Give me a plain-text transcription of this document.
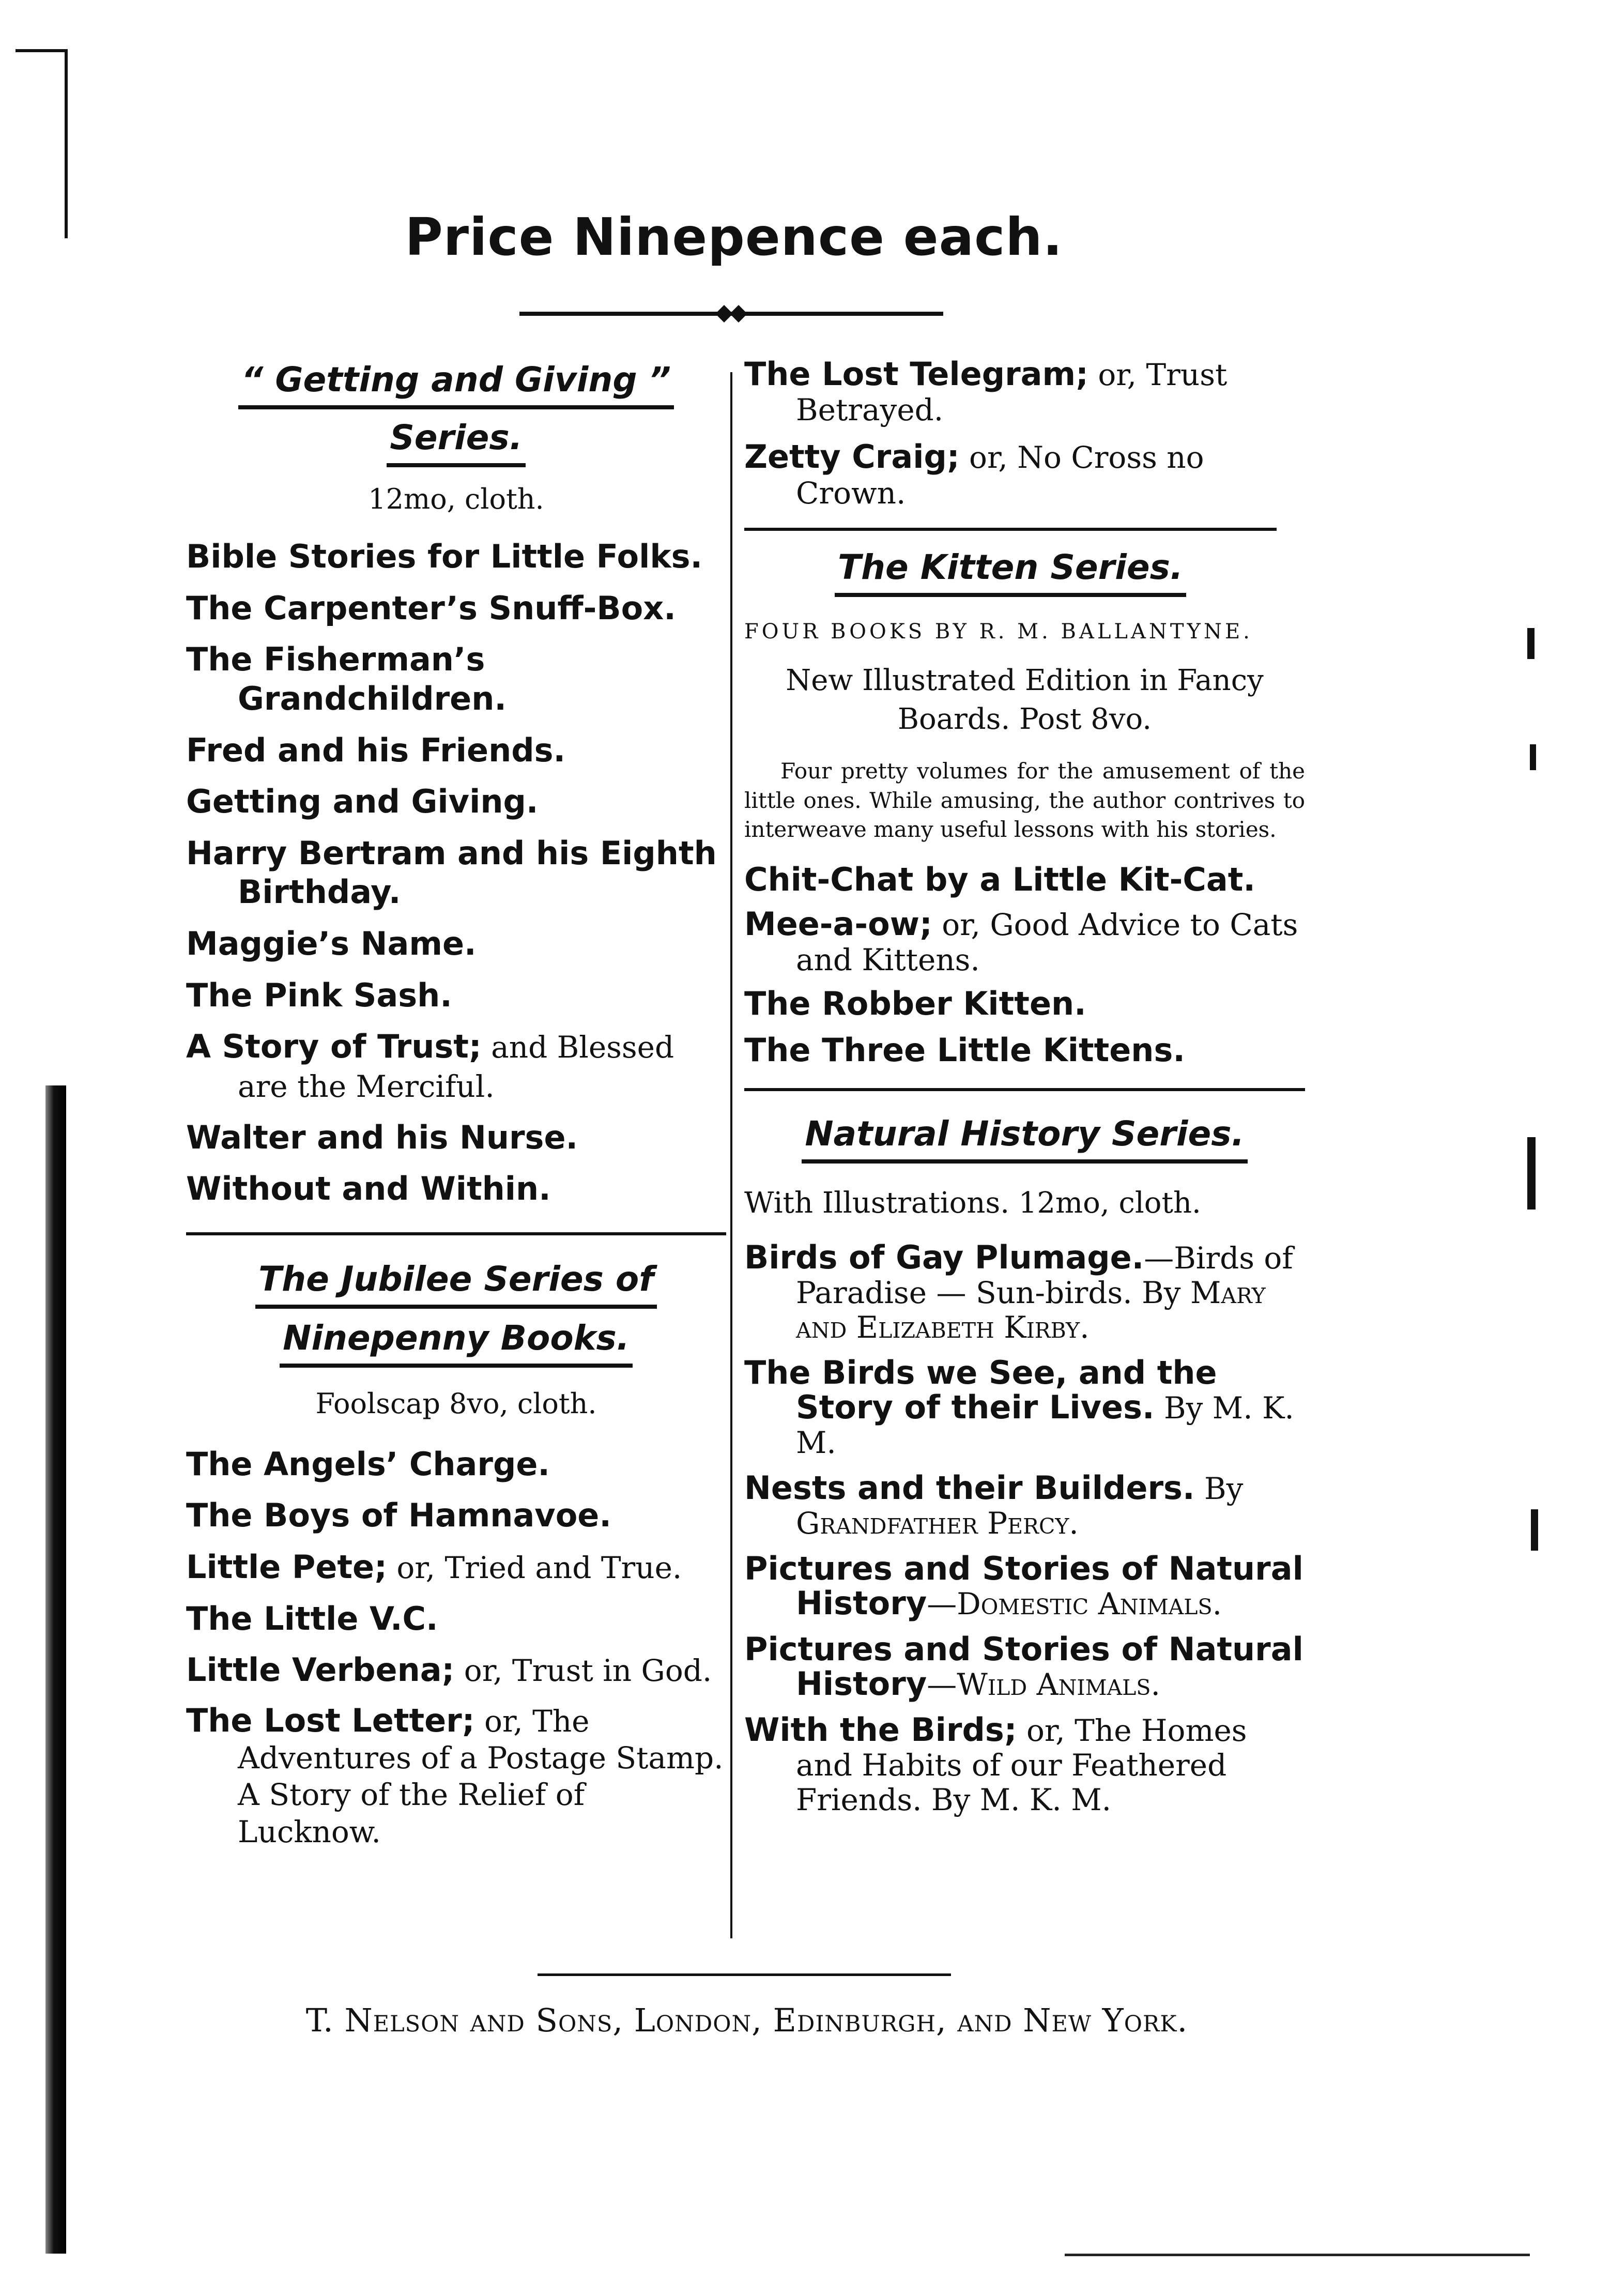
Price Ninepence each.
“ Getting and Giving ”
Series.
12mo, cloth.
Bible Stories for Little Folks.
The Carpenter’s Snuff-Box.
The Fisherman’s Grandchildren.
Fred and his Friends.
Getting and Giving.
Harry Bertram and his Eighth Birthday.
Maggie’s Name.
The Pink Sash.
A Story of Trust; and Blessed are the Merciful.
Walter and his Nurse.
Without and Within.
The Jubilee Series of
Ninepenny Books.
Foolscap 8vo, cloth.
The Angels’ Charge.
The Boys of Hamnavoe.
Little Pete; or, Tried and True.
The Little V.C.
Little Verbena; or, Trust in God.
The Lost Letter; or, The Adventures of a Postage Stamp. A Story of the Relief of Lucknow.
The Lost Telegram; or, Trust Betrayed.
Zetty Craig; or, No Cross no Crown.
The Kitten Series.
FOUR BOOKS BY R. M. BALLANTYNE.
New Illustrated Edition in Fancy Boards. Post 8vo.
Four pretty volumes for the amusement of the little ones. While amusing, the author contrives to interweave many useful lessons with his stories.
Chit-Chat by a Little Kit-Cat.
Mee-a-ow; or, Good Advice to Cats and Kittens.
The Robber Kitten.
The Three Little Kittens.
Natural History Series.
With Illustrations. 12mo, cloth.
Birds of Gay Plumage.—Birds of Paradise — Sun-birds. By Mary and Elizabeth Kirby.
The Birds we See, and the Story of their Lives. By M. K. M.
Nests and their Builders. By Grandfather Percy.
Pictures and Stories of Natural History—Domestic Animals.
Pictures and Stories of Natural History—Wild Animals.
With the Birds; or, The Homes and Habits of our Feathered Friends. By M. K. M.
T. Nelson and Sons, London, Edinburgh, and New York.
